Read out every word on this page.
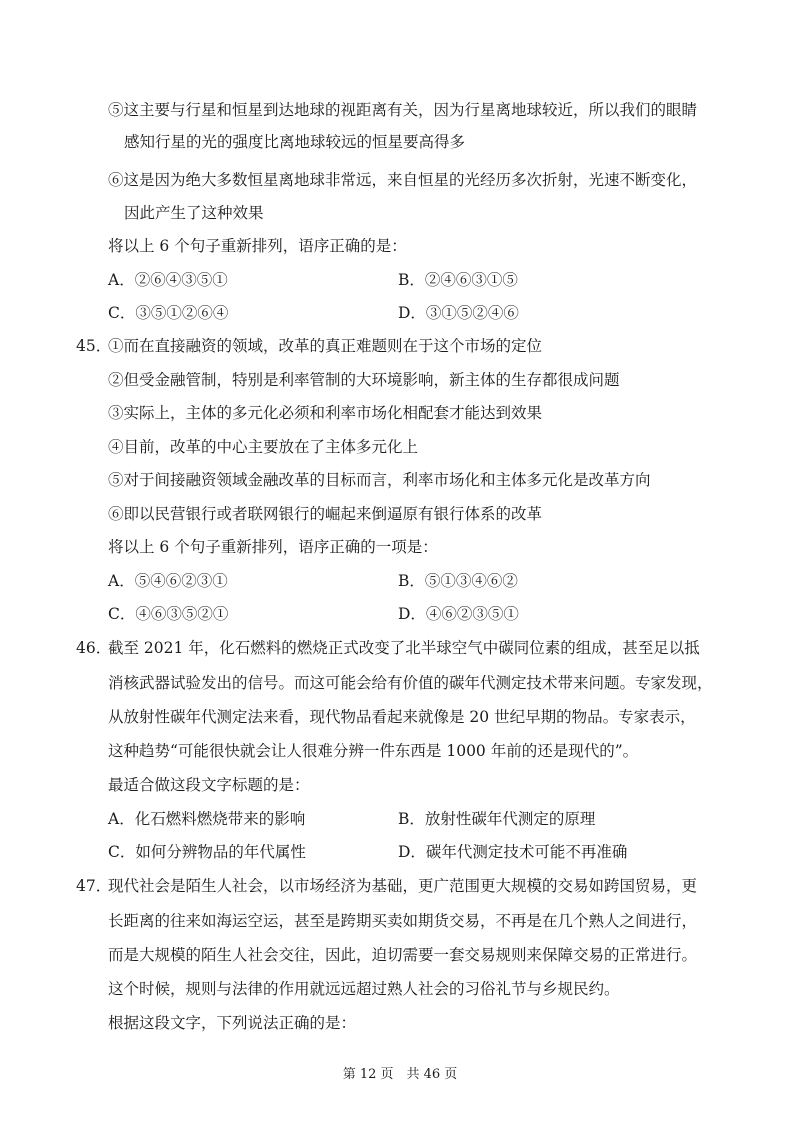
⑤这主要与行星和恒星到达地球的视距离有关，因为行星离地球较近，所以我们的眼睛
感知行星的光的强度比离地球较远的恒星要高得多
⑥这是因为绝大多数恒星离地球非常远，来自恒星的光经历多次折射，光速不断变化，
因此产生了这种效果
将以上 6 个句子重新排列，语序正确的是：
A．②⑥④③⑤①	B．②④⑥③①⑤
C．③⑤①②⑥④	D．③①⑤②④⑥
45．
①而在直接融资的领域，改革的真正难题则在于这个市场的定位
②但受金融管制，特别是利率管制的大环境影响，新主体的生存都很成问题
③实际上，主体的多元化必须和利率市场化相配套才能达到效果
④目前，改革的中心主要放在了主体多元化上
⑤对于间接融资领域金融改革的目标而言，利率市场化和主体多元化是改革方向
⑥即以民营银行或者联网银行的崛起来倒逼原有银行体系的改革
将以上 6 个句子重新排列，语序正确的一项是：
A．⑤④⑥②③①	B．⑤①③④⑥②
C．④⑥③⑤②①	D．④⑥②③⑤①
46．
截至 2021 年，化石燃料的燃烧正式改变了北半球空气中碳同位素的组成，甚至足以抵
消核武器试验发出的信号。而这可能会给有价值的碳年代测定技术带来问题。专家发现，
从放射性碳年代测定法来看，现代物品看起来就像是 20 世纪早期的物品。专家表示，
这种趋势“可能很快就会让人很难分辨一件东西是 1000 年前的还是现代的”。
最适合做这段文字标题的是：
A．化石燃料燃烧带来的影响	B．放射性碳年代测定的原理
C．如何分辨物品的年代属性	D．碳年代测定技术可能不再准确
47．
现代社会是陌生人社会，以市场经济为基础，更广范围更大规模的交易如跨国贸易，更
长距离的往来如海运空运，甚至是跨期买卖如期货交易，不再是在几个熟人之间进行，
而是大规模的陌生人社会交往，因此，迫切需要一套交易规则来保障交易的正常进行。
这个时候，规则与法律的作用就远远超过熟人社会的习俗礼节与乡规民约。
根据这段文字，下列说法正确的是：
第 12 页　共 46 页
